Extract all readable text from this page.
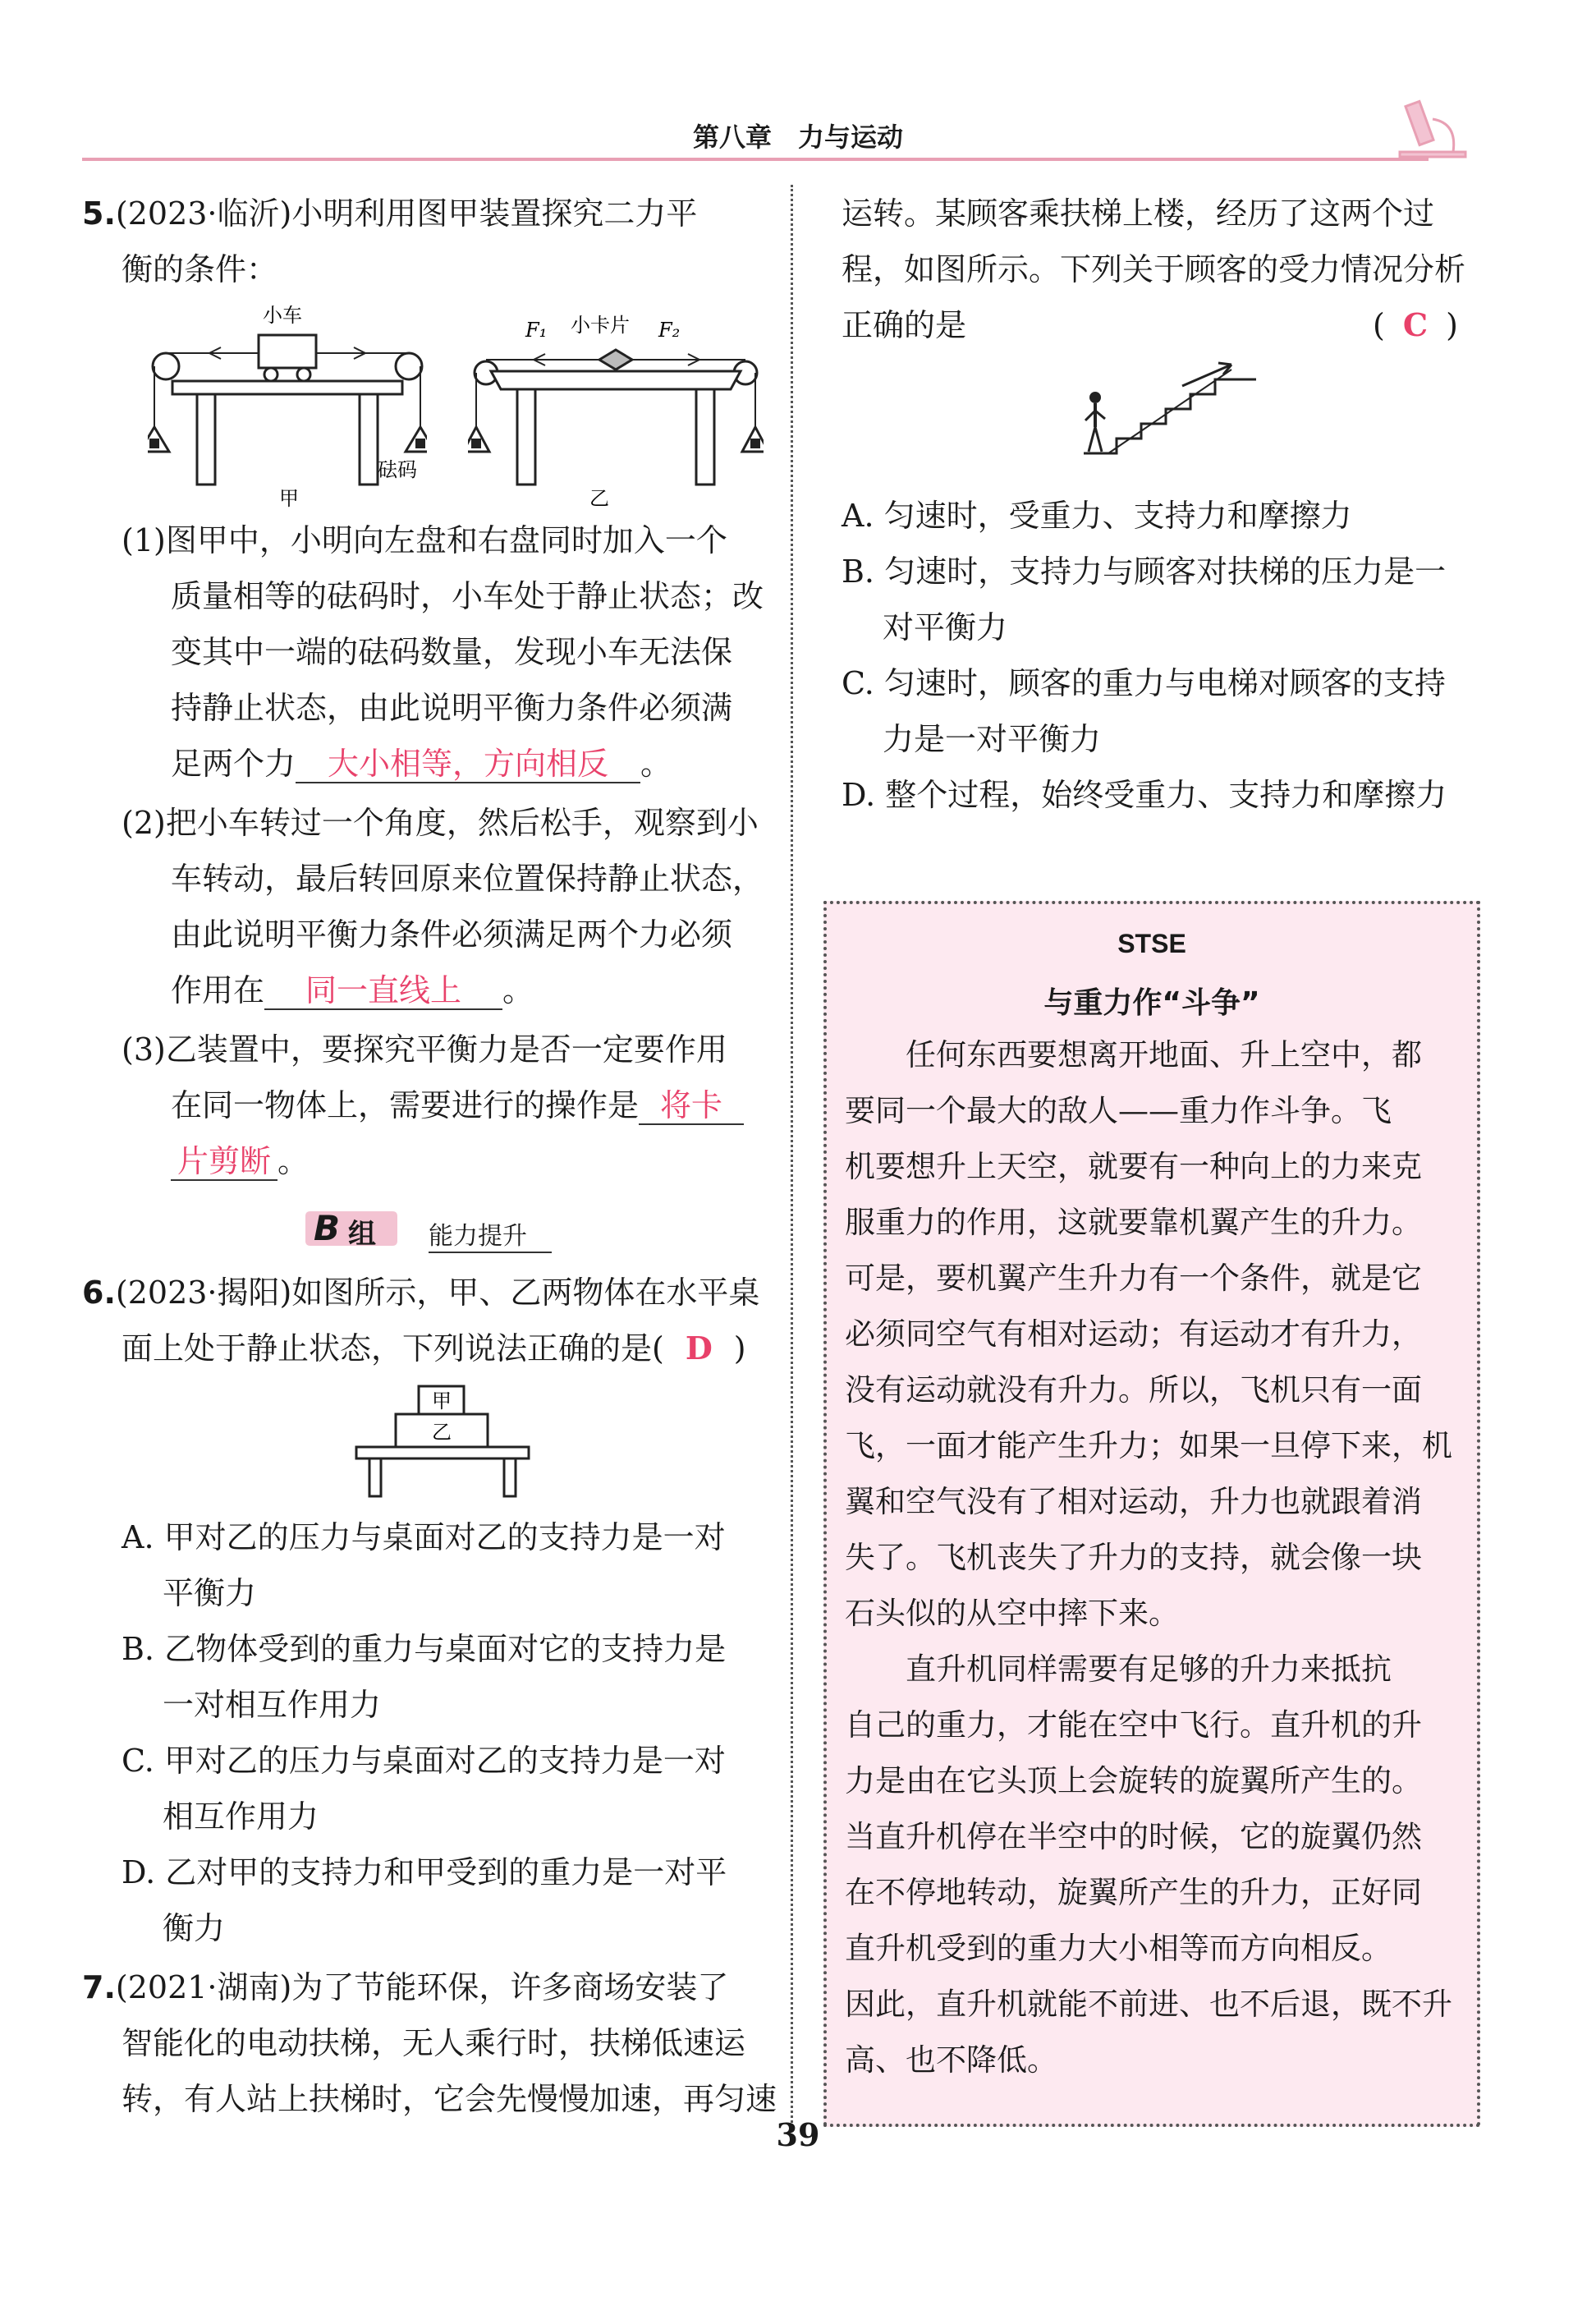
第八章　力与运动
5.(2023·临沂)小明利用图甲装置探究二力平
衡的条件：
小车
砝码
甲
F₁ 小卡片 F₂
乙
(1)图甲中，小明向左盘和右盘同时加入一个
质量相等的砝码时，小车处于静止状态；改
变其中一端的砝码数量，发现小车无法保
持静止状态，由此说明平衡力条件必须满
足两个力 大小相等，方向相反 。
(2)把小车转过一个角度，然后松手，观察到小
车转动，最后转回原来位置保持静止状态，
由此说明平衡力条件必须满足两个力必须
作用在 同一直线上 。
(3)乙装置中，要探究平衡力是否一定要作用
在同一物体上，需要进行的操作是 将卡
片剪断 。
B 组 能力提升
6.(2023·揭阳)如图所示，甲、乙两物体在水平桌
面上处于静止状态，下列说法正确的是( D )
甲
乙
A. 甲对乙的压力与桌面对乙的支持力是一对
平衡力
B. 乙物体受到的重力与桌面对它的支持力是
一对相互作用力
C. 甲对乙的压力与桌面对乙的支持力是一对
相互作用力
D. 乙对甲的支持力和甲受到的重力是一对平
衡力
7.(2021·湖南)为了节能环保，许多商场安装了
智能化的电动扶梯，无人乘行时，扶梯低速运
转，有人站上扶梯时，它会先慢慢加速，再匀速
运转。某顾客乘扶梯上楼，经历了这两个过
程，如图所示。下列关于顾客的受力情况分析
正确的是	( C )
A. 匀速时，受重力、支持力和摩擦力
B. 匀速时，支持力与顾客对扶梯的压力是一
对平衡力
C. 匀速时，顾客的重力与电梯对顾客的支持
力是一对平衡力
D. 整个过程，始终受重力、支持力和摩擦力
STSE
与重力作“斗争”
　　任何东西要想离开地面、升上空中，都
要同一个最大的敌人——重力作斗争。飞
机要想升上天空，就要有一种向上的力来克
服重力的作用，这就要靠机翼产生的升力。
可是，要机翼产生升力有一个条件，就是它
必须同空气有相对运动；有运动才有升力，
没有运动就没有升力。所以，飞机只有一面
飞，一面才能产生升力；如果一旦停下来，机
翼和空气没有了相对运动，升力也就跟着消
失了。飞机丧失了升力的支持，就会像一块
石头似的从空中摔下来。
　　直升机同样需要有足够的升力来抵抗
自己的重力，才能在空中飞行。直升机的升
力是由在它头顶上会旋转的旋翼所产生的。
当直升机停在半空中的时候，它的旋翼仍然
在不停地转动，旋翼所产生的升力，正好同
直升机受到的重力大小相等而方向相反。
因此，直升机就能不前进、也不后退，既不升
高、也不降低。
39
